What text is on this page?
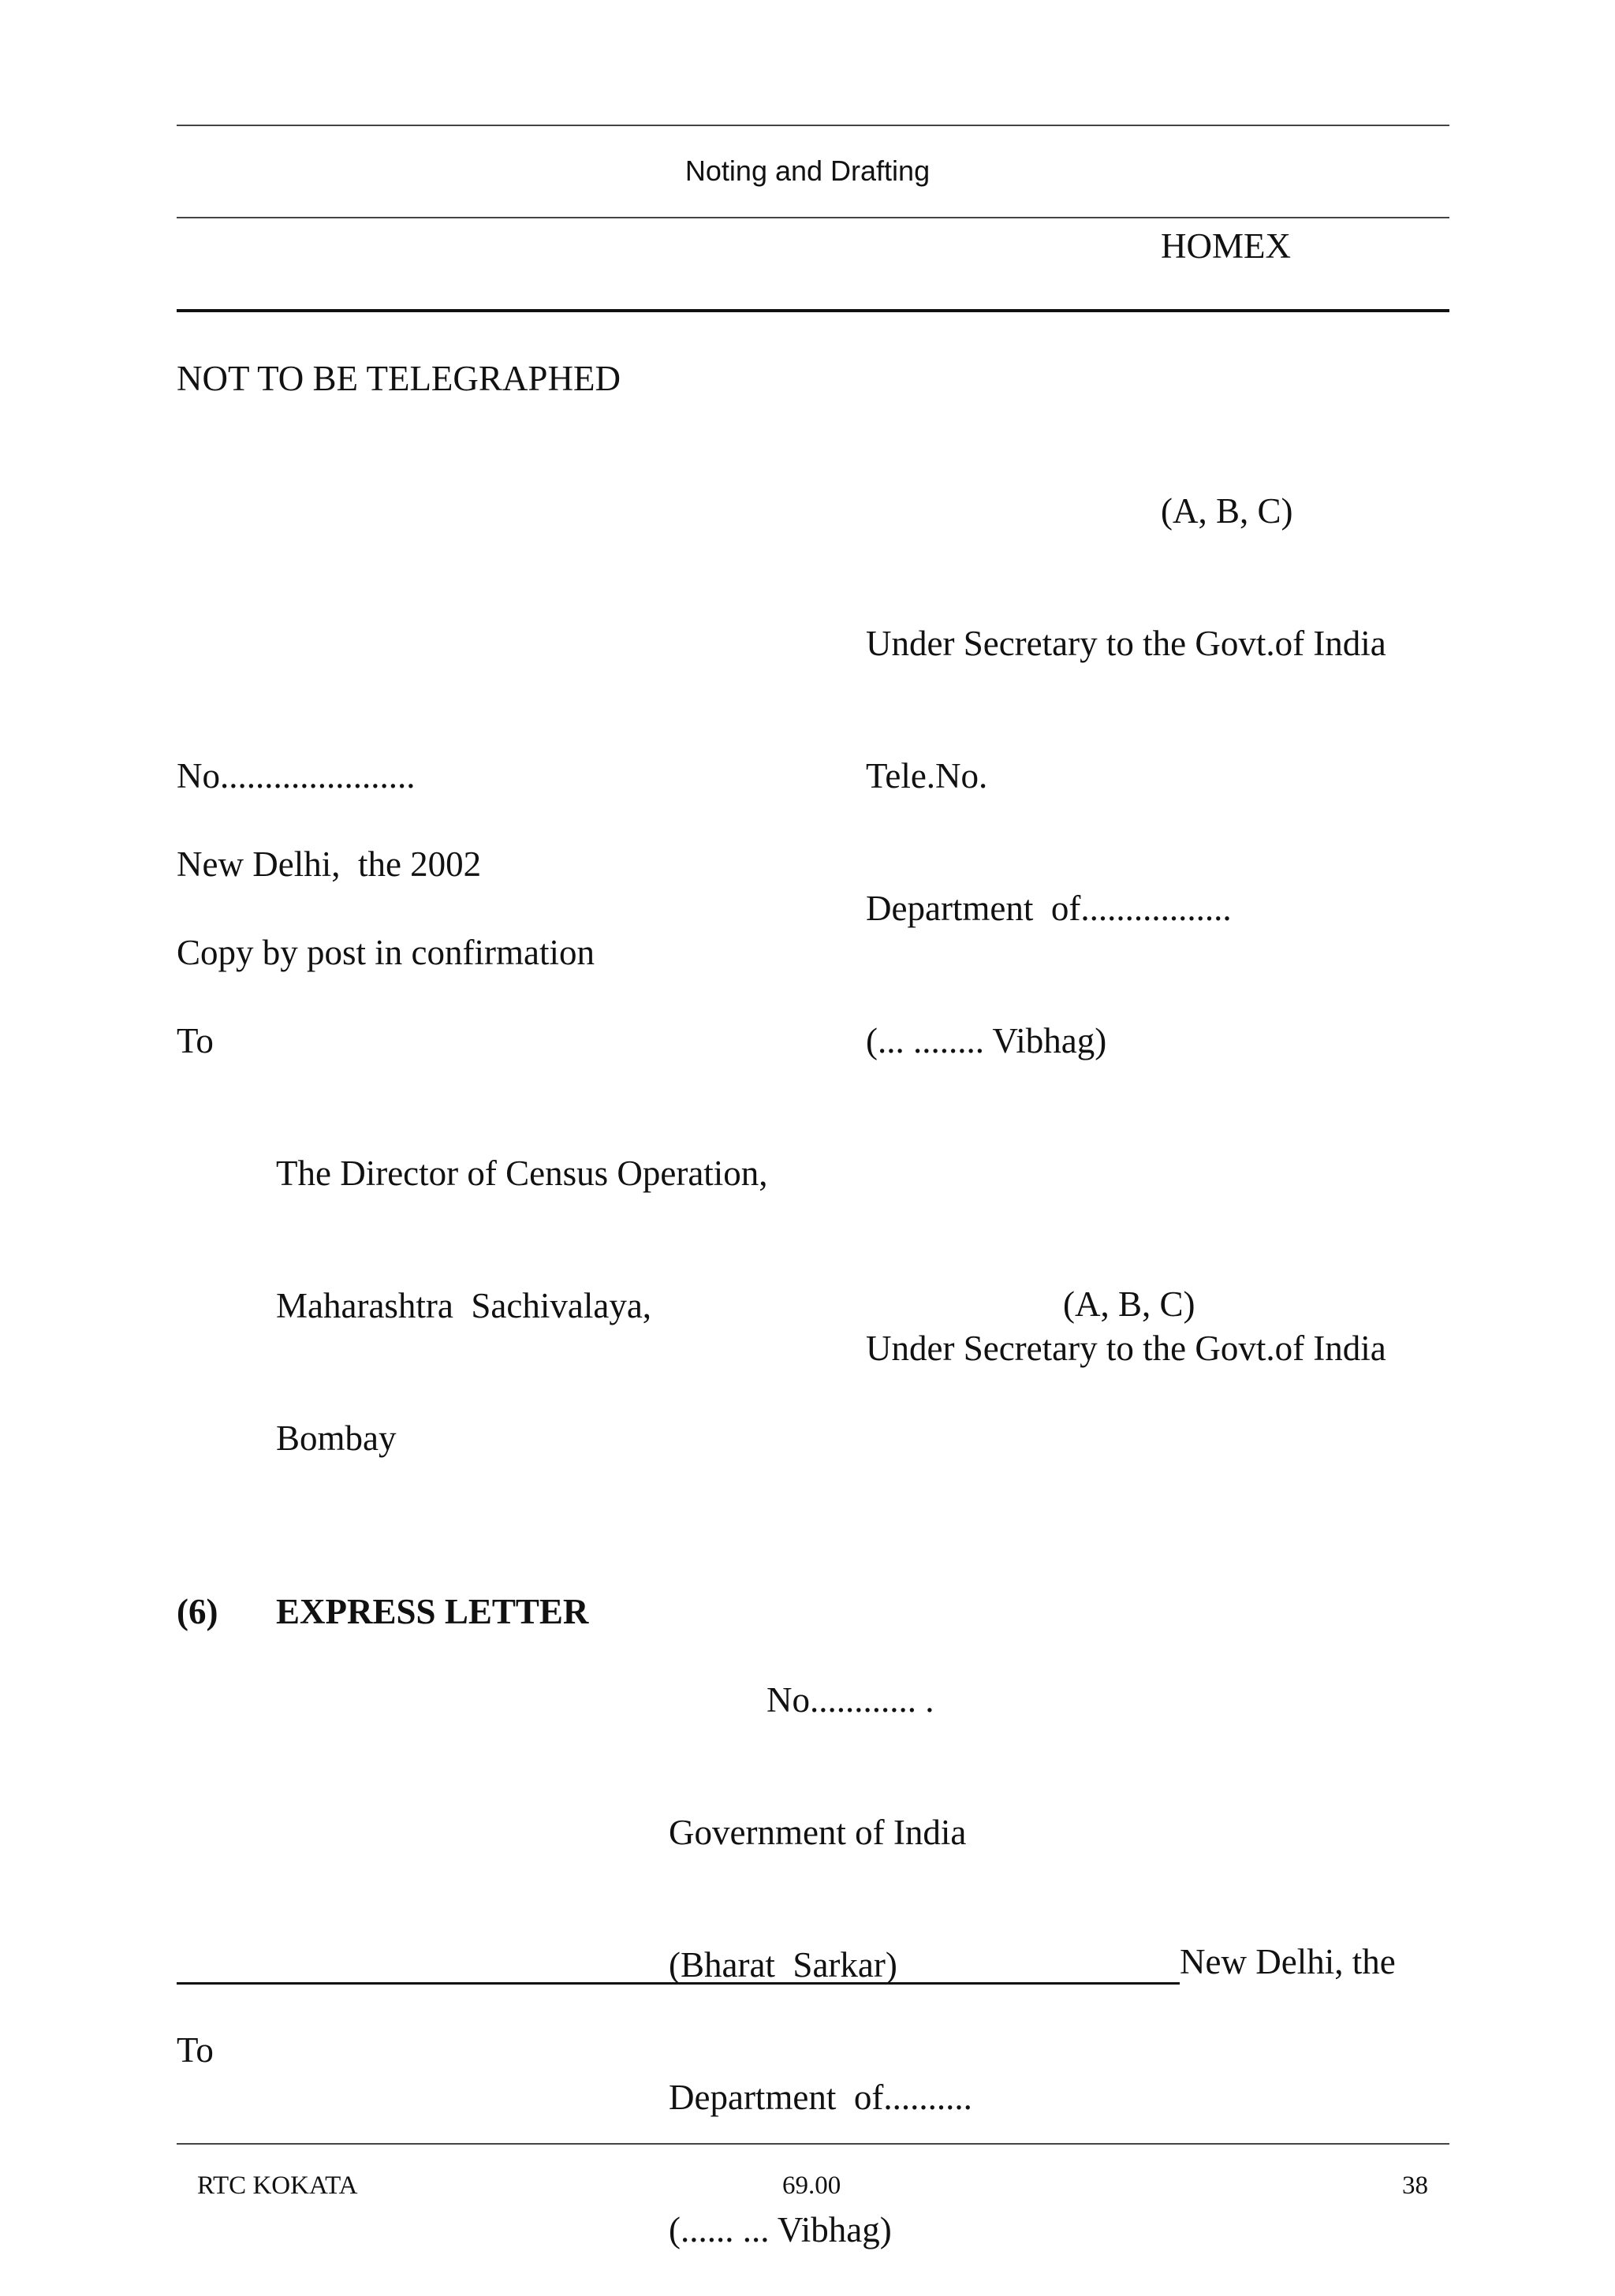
Noting and Drafting
HOMEX
NOT TO BE TELEGRAPHED
(A, B, C)

Under Secretary to the Govt.of India

Tele.No.

Department  of.................

(... ........ Vibhag)

No......................
New Delhi,  the 2002
Copy by post in confirmation
To

The Director of Census Operation,

Maharashtra  Sachivalaya,

Bombay

(A, B, C)
Under Secretary to the Govt.of India
(6) EXPRESS LETTER
No............ .

Government of India

(Bharat  Sarkar)

Department  of..........

(...... ... Vibhag)

New Delhi, the
To
RTC KOKATA	69.00	38
